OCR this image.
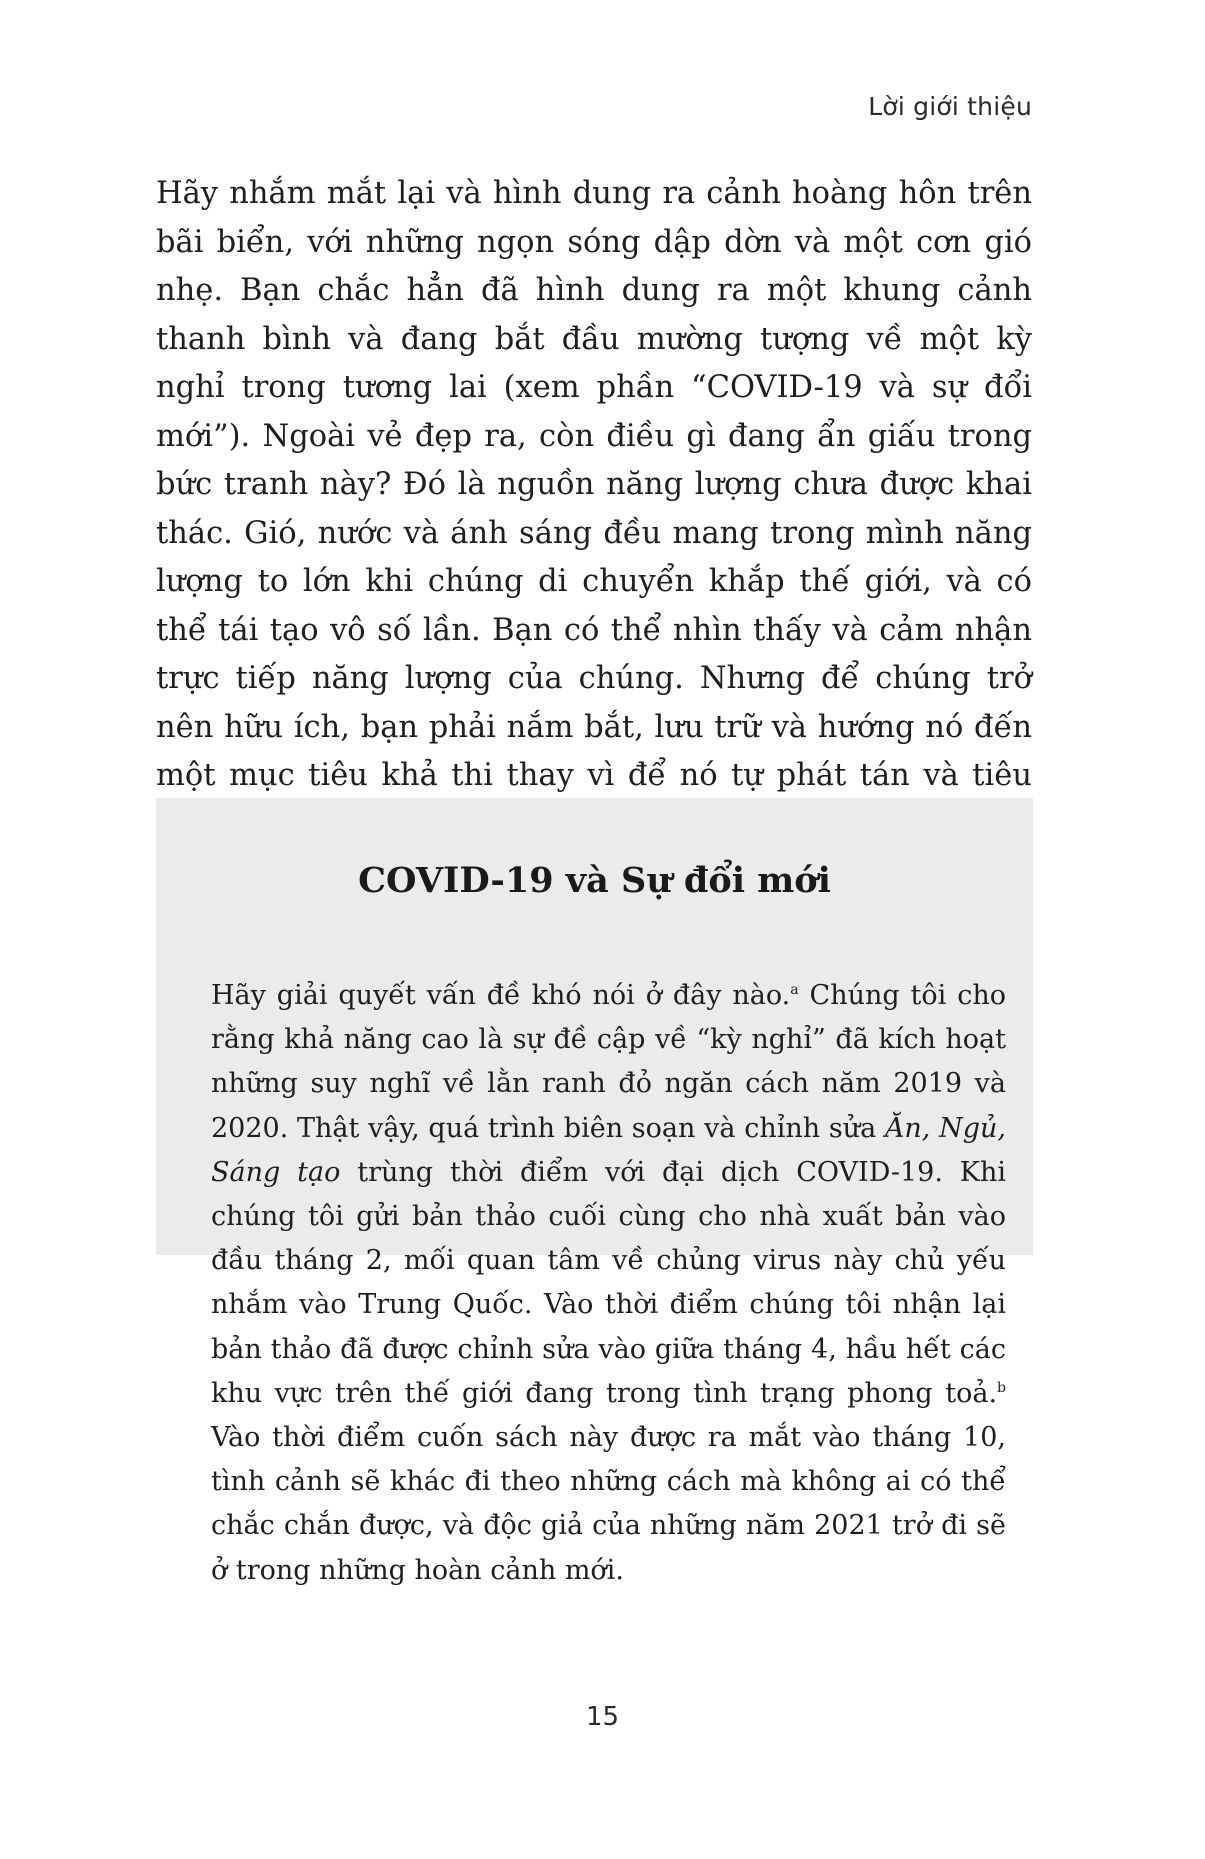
Lời giới thiệu

Hãy nhắm mắt lại và hình dung ra cảnh hoàng hôn trên bãi biển, với những ngọn sóng dập dờn và một cơn gió nhẹ. Bạn chắc hẳn đã hình dung ra một khung cảnh thanh bình và đang bắt đầu mường tượng về một kỳ nghỉ trong tương lai (xem phần “COVID-19 và sự đổi mới”). Ngoài vẻ đẹp ra, còn điều gì đang ẩn giấu trong bức tranh này? Đó là nguồn năng lượng chưa được khai thác. Gió, nước và ánh sáng đều mang trong mình năng lượng to lớn khi chúng di chuyển khắp thế giới, và có thể tái tạo vô số lần. Bạn có thể nhìn thấy và cảm nhận trực tiếp năng lượng của chúng. Nhưng để chúng trở nên hữu ích, bạn phải nắm bắt, lưu trữ và hướng nó đến một mục tiêu khả thi thay vì để nó tự phát tán và tiêu

COVID-19 và Sự đổi mới

Hãy giải quyết vấn đề khó nói ở đây nào.$^a$ Chúng tôi cho rằng khả năng cao là sự đề cập về “kỳ nghỉ” đã kích hoạt những suy nghĩ về lằn ranh đỏ ngăn cách năm 2019 và 2020. Thật vậy, quá trình biên soạn và chỉnh sửa Ăn, Ngủ, Sáng tạo trùng thời điểm với đại dịch COVID-19. Khi chúng tôi gửi bản thảo cuối cùng cho nhà xuất bản vào đầu tháng 2, mối quan tâm về chủng virus này chủ yếu nhắm vào Trung Quốc. Vào thời điểm chúng tôi nhận lại bản thảo đã được chỉnh sửa vào giữa tháng 4, hầu hết các khu vực trên thế giới đang trong tình trạng phong toả.$^b$ Vào thời điểm cuốn sách này được ra mắt vào tháng 10, tình cảnh sẽ khác đi theo những cách mà không ai có thể chắc chắn được, và độc giả của những năm 2021 trở đi sẽ ở trong những hoàn cảnh mới.

15
